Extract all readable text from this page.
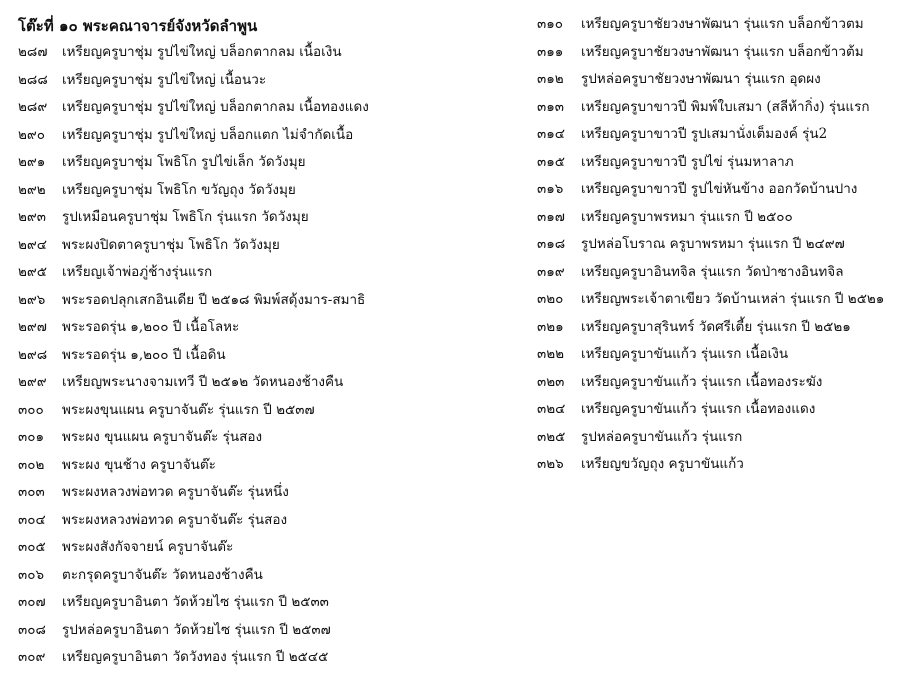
โต๊ะที่ ๑๐ พระคณาจารย์จังหวัดลำพูน
๒๘๗ เหรียญครูบาชุ่ม รูปไข่ใหญ่ บล็อกตากลม เนื้อเงิน
๒๘๘ เหรียญครูบาชุ่ม รูปไข่ใหญ่ เนื้อนวะ
๒๘๙ เหรียญครูบาชุ่ม รูปไข่ใหญ่ บล็อกตากลม เนื้อทองแดง
๒๙๐ เหรียญครูบาชุ่ม รูปไข่ใหญ่ บล็อกแตก ไม่จำกัดเนื้อ
๒๙๑ เหรียญครูบาชุ่ม โพธิโก รูปไข่เล็ก วัดวังมุย
๒๙๒ เหรียญครูบาชุ่ม โพธิโก ขวัญถุง วัดวังมุย
๒๙๓ รูปเหมือนครูบาชุ่ม โพธิโก รุ่นแรก วัดวังมุย
๒๙๔ พระผงปิดตาครูบาชุ่ม โพธิโก วัดวังมุย
๒๙๕ เหรียญเจ้าพ่อภู่ช้างรุ่นแรก
๒๙๖ พระรอดปลุกเสกอินเดีย ปี ๒๕๑๘ พิมพ์สดุ้งมาร-สมาธิ
๒๙๗ พระรอดรุ่น ๑,๒๐๐ ปี เนื้อโลหะ
๒๙๘ พระรอดรุ่น ๑,๒๐๐ ปี เนื้อดิน
๒๙๙ เหรียญพระนางจามเทวี ปี ๒๕๑๒ วัดหนองช้างคืน
๓๐๐ พระผงขุนแผน ครูบาจันต๊ะ รุ่นแรก ปี ๒๕๓๗
๓๐๑ พระผง ขุนแผน ครูบาจันต๊ะ รุ่นสอง
๓๐๒ พระผง ขุนช้าง ครูบาจันต๊ะ
๓๐๓ พระผงหลวงพ่อทวด ครูบาจันต๊ะ รุ่นหนึ่ง
๓๐๔ พระผงหลวงพ่อทวด ครูบาจันต๊ะ รุ่นสอง
๓๐๕ พระผงสังกัจจายน์ ครูบาจันต๊ะ
๓๐๖ ตะกรุดครูบาจันต๊ะ วัดหนองช้างคืน
๓๐๗ เหรียญครูบาอินตา วัดห้วยไซ รุ่นแรก ปี ๒๕๓๓
๓๐๘ รูปหล่อครูบาอินตา วัดห้วยไซ รุ่นแรก ปี ๒๕๓๗
๓๐๙ เหรียญครูบาอินตา วัดวังทอง รุ่นแรก ปี ๒๕๔๕
๓๑๐ เหรียญครูบาชัยวงษาพัฒนา รุ่นแรก บล็อกข้าวตม
๓๑๑ เหรียญครูบาชัยวงษาพัฒนา รุ่นแรก บล็อกข้าวต้ม
๓๑๒ รูปหล่อครูบาชัยวงษาพัฒนา รุ่นแรก อุดผง
๓๑๓ เหรียญครูบาขาวปี พิมพ์ใบเสมา (สลีห้ากิ่ง) รุ่นแรก
๓๑๔ เหรียญครูบาขาวปี รูปเสมานั่งเต็มองค์ รุ่น2
๓๑๕ เหรียญครูบาขาวปี รูปไข่ รุ่นมหาลาภ
๓๑๖ เหรียญครูบาขาวปี รูปไข่หันข้าง ออกวัดบ้านปาง
๓๑๗ เหรียญครูบาพรหมา รุ่นแรก ปี ๒๕๐๐
๓๑๘ รูปหล่อโบราณ ครูบาพรหมา รุ่นแรก ปี ๒๔๙๗
๓๑๙ เหรียญครูบาอินทจิล รุ่นแรก วัดป่าซางอินทจิล
๓๒๐ เหรียญพระเจ้าตาเขียว วัดบ้านเหล่า รุ่นแรก ปี ๒๕๒๑
๓๒๑ เหรียญครูบาสุรินทร์ วัดศรีเตี้ย รุ่นแรก ปี ๒๕๒๑
๓๒๒ เหรียญครูบาขันแก้ว รุ่นแรก เนื้อเงิน
๓๒๓ เหรียญครูบาขันแก้ว รุ่นแรก เนื้อทองระฆัง
๓๒๔ เหรียญครูบาขันแก้ว รุ่นแรก เนื้อทองแดง
๓๒๕ รูปหล่อครูบาขันแก้ว รุ่นแรก
๓๒๖ เหรียญขวัญถุง ครูบาขันแก้ว
